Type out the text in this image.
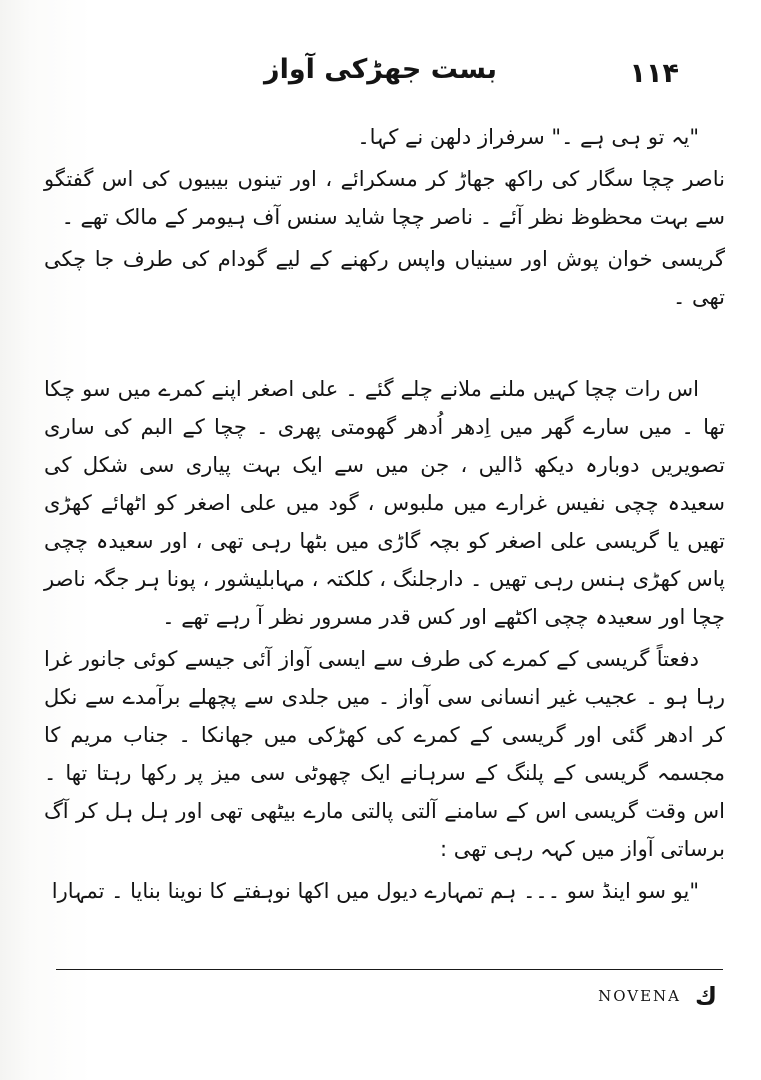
بست جھڑکی آواز	۱۱۴

"یہ تو ہی ہے ۔" سرفراز دلھن نے کہا۔

ناصر چچا سگار کی راکھ جھاڑ کر مسکرائے ، اور تینوں بیبیوں کی اس گفتگو سے بہت محظوظ نظر آئے ۔ ناصر چچا شاید سنس آف ہیومر کے مالک تھے ۔

گریسی خوان پوش اور سینیاں واپس رکھنے کے لیے گودام کی طرف جا چکی تھی ۔

اس رات چچا کہیں ملنے ملانے چلے گئے ۔ علی اصغر اپنے کمرے میں سو چکا تھا ۔ میں سارے گھر میں اِدھر اُدھر گھومتی پھری ۔ چچا کے البم کی ساری تصویریں دوبارہ دیکھ ڈالیں ، جن میں سے ایک بہت پیاری سی شکل کی سعیدہ چچی نفیس غرارے میں ملبوس ، گود میں علی اصغر کو اٹھائے کھڑی تھیں یا گریسی علی اصغر کو بچہ گاڑی میں بٹھا رہی تھی ، اور سعیدہ چچی پاس کھڑی ہنس رہی تھیں ۔ دارجلنگ ، کلکتہ ، مہابلیشور ، پونا ہر جگہ ناصر چچا اور سعیدہ چچی اکٹھے اور کس قدر مسرور نظر آ رہے تھے ۔

دفعتاً گریسی کے کمرے کی طرف سے ایسی آواز آئی جیسے کوئی جانور غرا رہا ہو ۔ عجیب غیر انسانی سی آواز ۔ میں جلدی سے پچھلے برآمدے سے نکل کر ادھر گئی اور گریسی کے کمرے کی کھڑکی میں جھانکا ۔ جناب مریم کا مجسمہ گریسی کے پلنگ کے سرہانے ایک چھوٹی سی میز پر رکھا رہتا تھا ۔ اس وقت گریسی اس کے سامنے آلتی پالتی مارے بیٹھی تھی اور ہل ہل کر آگ برساتی آواز میں کہہ رہی تھی :

"یو سو اینڈ سو ۔۔۔ ہم تمہارے دیول میں اکھا نوہفتے کا نوینا بنایا ۔ تمہارا

NOVENA ك
